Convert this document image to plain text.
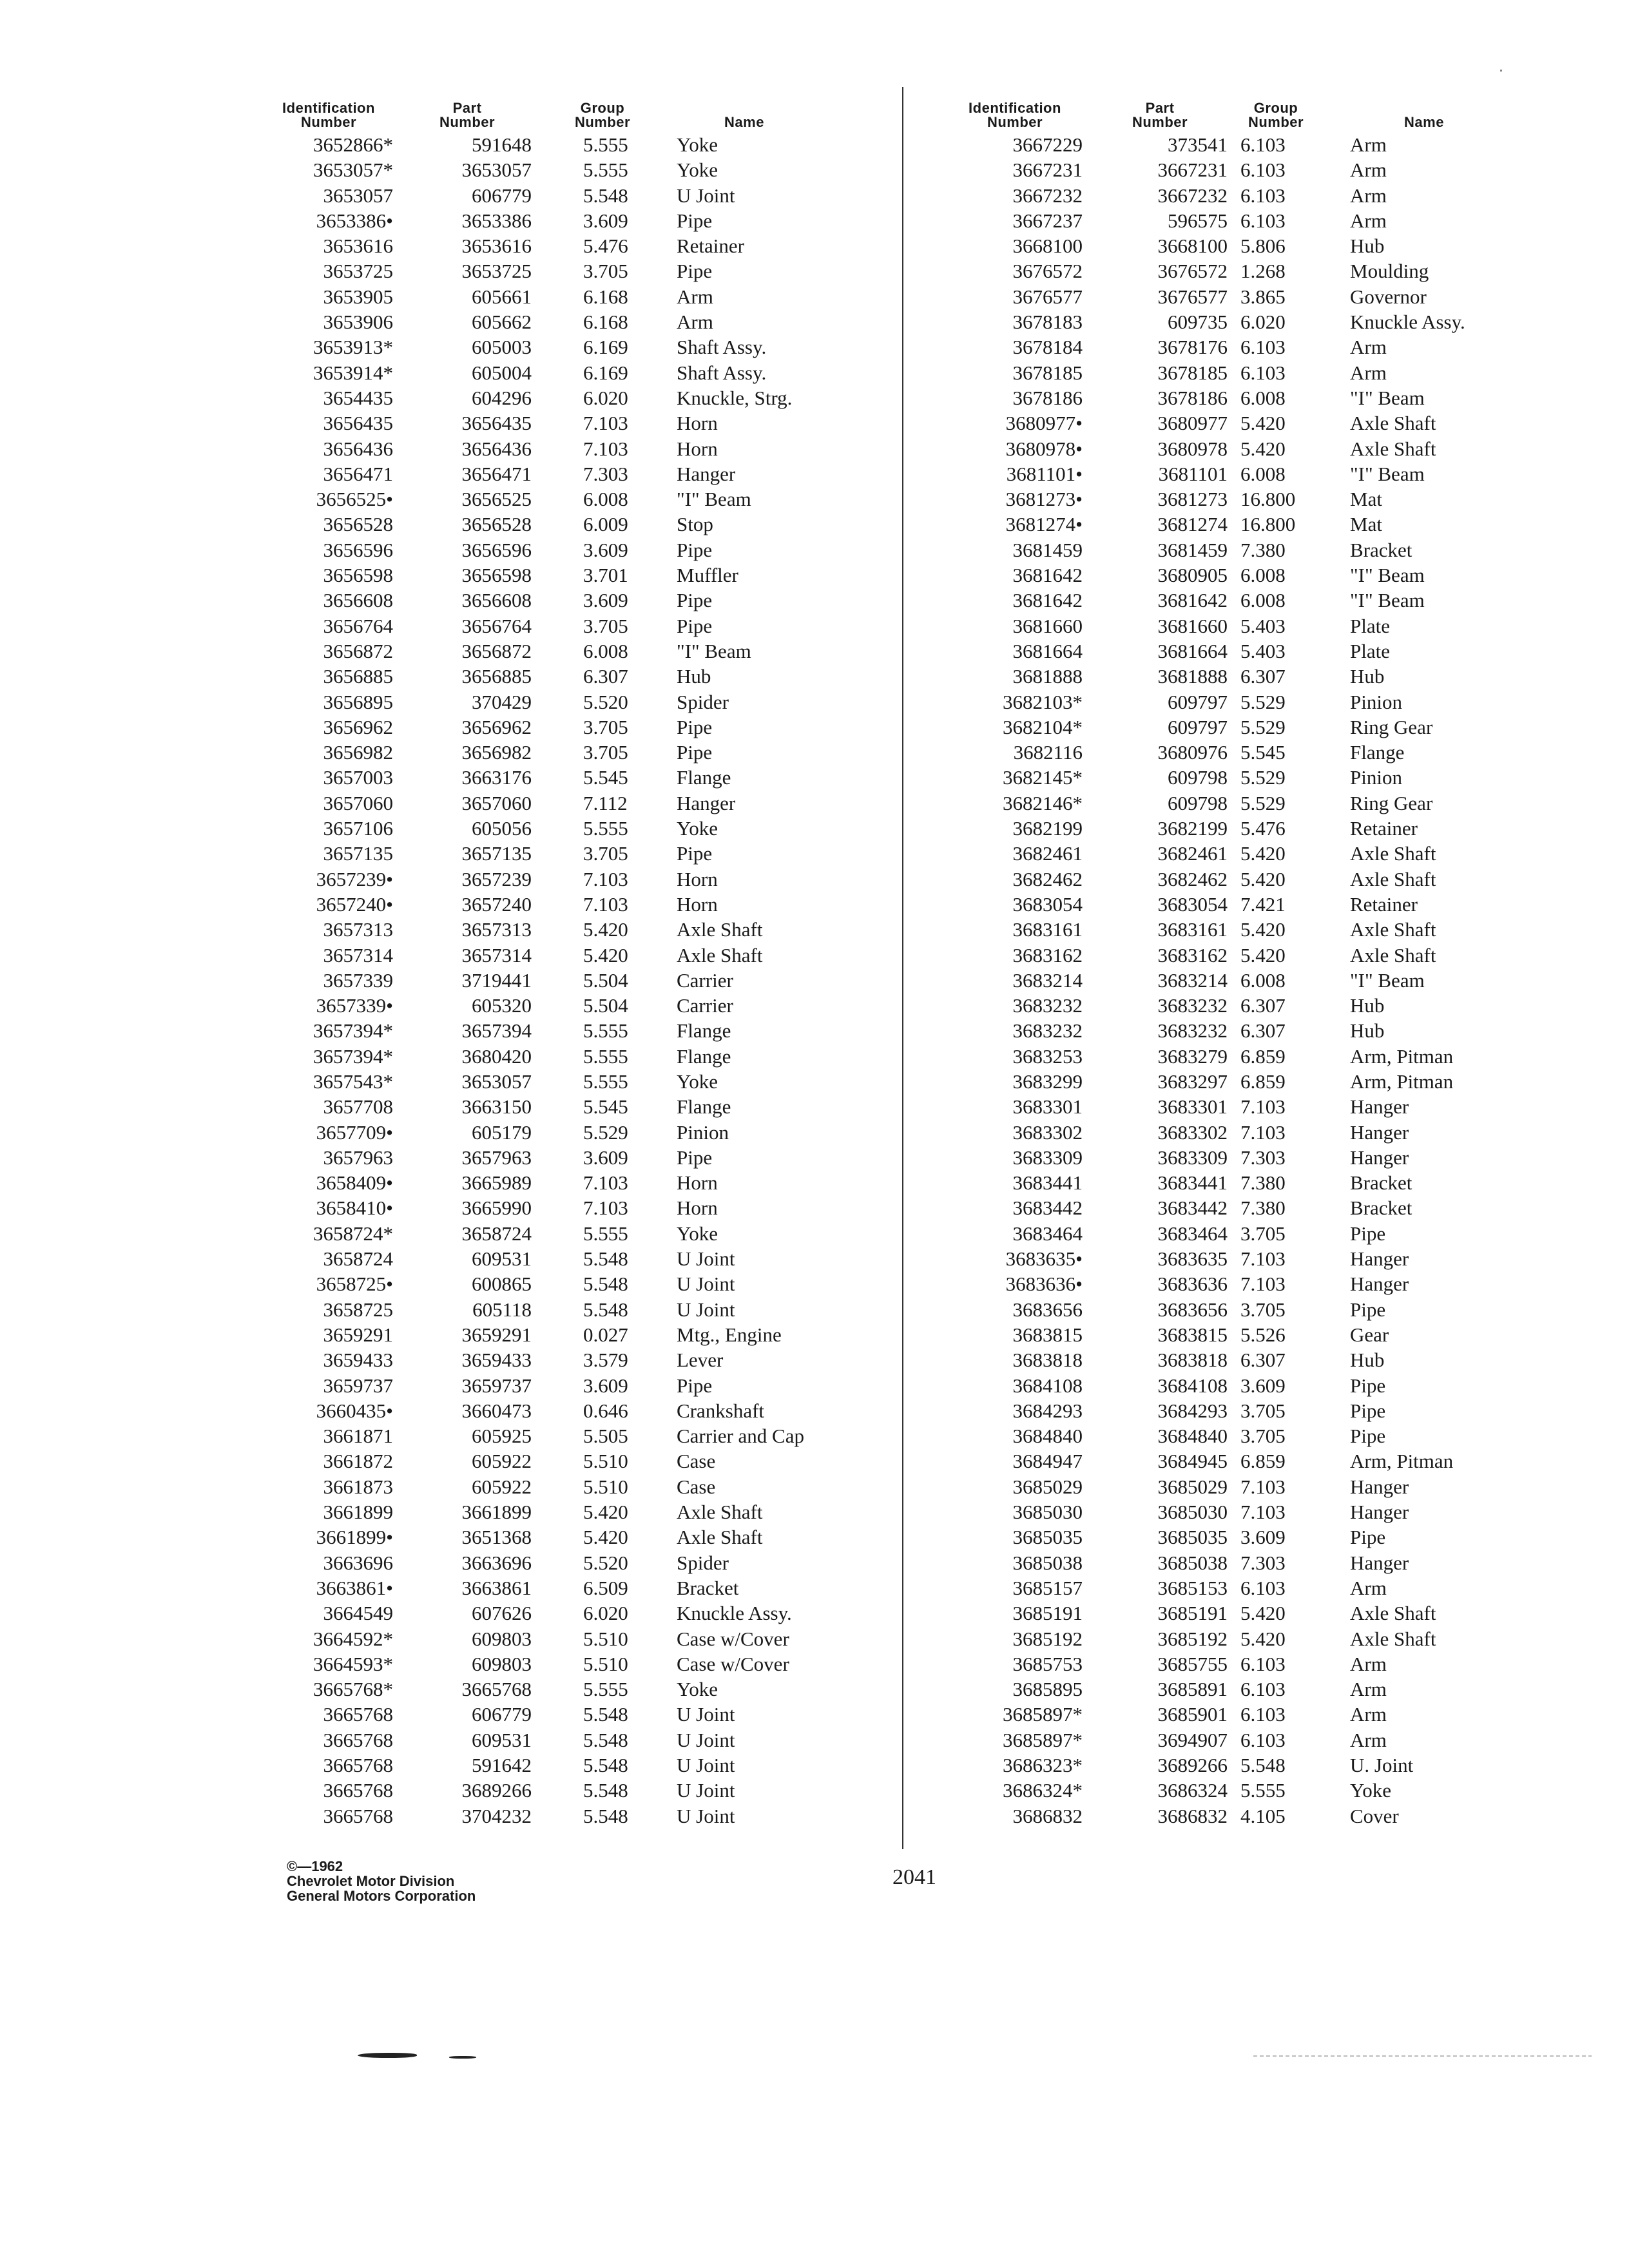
Identification Number
Part Number
Group Number	Name
3652866*	591648	5.555	Yoke
3653057*	3653057	5.555	Yoke
3653057	606779	5.548	U Joint
3653386•	3653386	3.609	Pipe
3653616	3653616	5.476	Retainer
3653725	3653725	3.705	Pipe
3653905	605661	6.168	Arm
3653906	605662	6.168	Arm
3653913*	605003	6.169	Shaft Assy.
3653914*	605004	6.169	Shaft Assy.
3654435	604296	6.020	Knuckle, Strg.
3656435	3656435	7.103	Horn
3656436	3656436	7.103	Horn
3656471	3656471	7.303	Hanger
3656525•	3656525	6.008	"I" Beam
3656528	3656528	6.009	Stop
3656596	3656596	3.609	Pipe
3656598	3656598	3.701	Muffler
3656608	3656608	3.609	Pipe
3656764	3656764	3.705	Pipe
3656872	3656872	6.008	"I" Beam
3656885	3656885	6.307	Hub
3656895	370429	5.520	Spider
3656962	3656962	3.705	Pipe
3656982	3656982	3.705	Pipe
3657003	3663176	5.545	Flange
3657060	3657060	7.112	Hanger
3657106	605056	5.555	Yoke
3657135	3657135	3.705	Pipe
3657239•	3657239	7.103	Horn
3657240•	3657240	7.103	Horn
3657313	3657313	5.420	Axle Shaft
3657314	3657314	5.420	Axle Shaft
3657339	3719441	5.504	Carrier
3657339•	605320	5.504	Carrier
3657394*	3657394	5.555	Flange
3657394*	3680420	5.555	Flange
3657543*	3653057	5.555	Yoke
3657708	3663150	5.545	Flange
3657709•	605179	5.529	Pinion
3657963	3657963	3.609	Pipe
3658409•	3665989	7.103	Horn
3658410•	3665990	7.103	Horn
3658724*	3658724	5.555	Yoke
3658724	609531	5.548	U Joint
3658725•	600865	5.548	U Joint
3658725	605118	5.548	U Joint
3659291	3659291	0.027	Mtg., Engine
3659433	3659433	3.579	Lever
3659737	3659737	3.609	Pipe
3660435•	3660473	0.646	Crankshaft
3661871	605925	5.505	Carrier and Cap
3661872	605922	5.510	Case
3661873	605922	5.510	Case
3661899	3661899	5.420	Axle Shaft
3661899•	3651368	5.420	Axle Shaft
3663696	3663696	5.520	Spider
3663861•	3663861	6.509	Bracket
3664549	607626	6.020	Knuckle Assy.
3664592*	609803	5.510	Case w/Cover
3664593*	609803	5.510	Case w/Cover
3665768*	3665768	5.555	Yoke
3665768	606779	5.548	U Joint
3665768	609531	5.548	U Joint
3665768	591642	5.548	U Joint
3665768	3689266	5.548	U Joint
3665768	3704232	5.548	U Joint
Identification Number
Part Number
Group Number	Name
3667229	373541 6.103	Arm
3667231	3667231 6.103	Arm
3667232	3667232 6.103	Arm
3667237	596575 6.103	Arm
3668100	3668100 5.806	Hub
3676572	3676572 1.268	Moulding
3676577	3676577 3.865	Governor
3678183	609735 6.020	Knuckle Assy.
3678184	3678176 6.103	Arm
3678185	3678185 6.103	Arm
3678186	3678186 6.008	"I" Beam
3680977•	3680977 5.420	Axle Shaft
3680978•	3680978 5.420	Axle Shaft
3681101•	3681101 6.008	"I" Beam
3681273•	3681273 16.800	Mat
3681274•	3681274 16.800	Mat
3681459	3681459 7.380	Bracket
3681642	3680905 6.008	"I" Beam
3681642	3681642 6.008	"I" Beam
3681660	3681660 5.403	Plate
3681664	3681664 5.403	Plate
3681888	3681888 6.307	Hub
3682103*	609797 5.529	Pinion
3682104*	609797 5.529	Ring Gear
3682116	3680976 5.545	Flange
3682145*	609798 5.529	Pinion
3682146*	609798 5.529	Ring Gear
3682199	3682199 5.476	Retainer
3682461	3682461 5.420	Axle Shaft
3682462	3682462 5.420	Axle Shaft
3683054	3683054 7.421	Retainer
3683161	3683161 5.420	Axle Shaft
3683162	3683162 5.420	Axle Shaft
3683214	3683214 6.008	"I" Beam
3683232	3683232 6.307	Hub
3683232	3683232 6.307	Hub
3683253	3683279 6.859	Arm, Pitman
3683299	3683297 6.859	Arm, Pitman
3683301	3683301 7.103	Hanger
3683302	3683302 7.103	Hanger
3683309	3683309 7.303	Hanger
3683441	3683441 7.380	Bracket
3683442	3683442 7.380	Bracket
3683464	3683464 3.705	Pipe
3683635•	3683635 7.103	Hanger
3683636•	3683636 7.103	Hanger
3683656	3683656 3.705	Pipe
3683815	3683815 5.526	Gear
3683818	3683818 6.307	Hub
3684108	3684108 3.609	Pipe
3684293	3684293 3.705	Pipe
3684840	3684840 3.705	Pipe
3684947	3684945 6.859	Arm, Pitman
3685029	3685029 7.103	Hanger
3685030	3685030 7.103	Hanger
3685035	3685035 3.609	Pipe
3685038	3685038 7.303	Hanger
3685157	3685153 6.103	Arm
3685191	3685191 5.420	Axle Shaft
3685192	3685192 5.420	Axle Shaft
3685753	3685755 6.103	Arm
3685895	3685891 6.103	Arm
3685897*	3685901 6.103	Arm
3685897*	3694907 6.103	Arm
3686323*	3689266 5.548	U. Joint
3686324*	3686324 5.555	Yoke
3686832	3686832 4.105	Cover
©—1962
Chevrolet Motor Division
General Motors Corporation
2041
